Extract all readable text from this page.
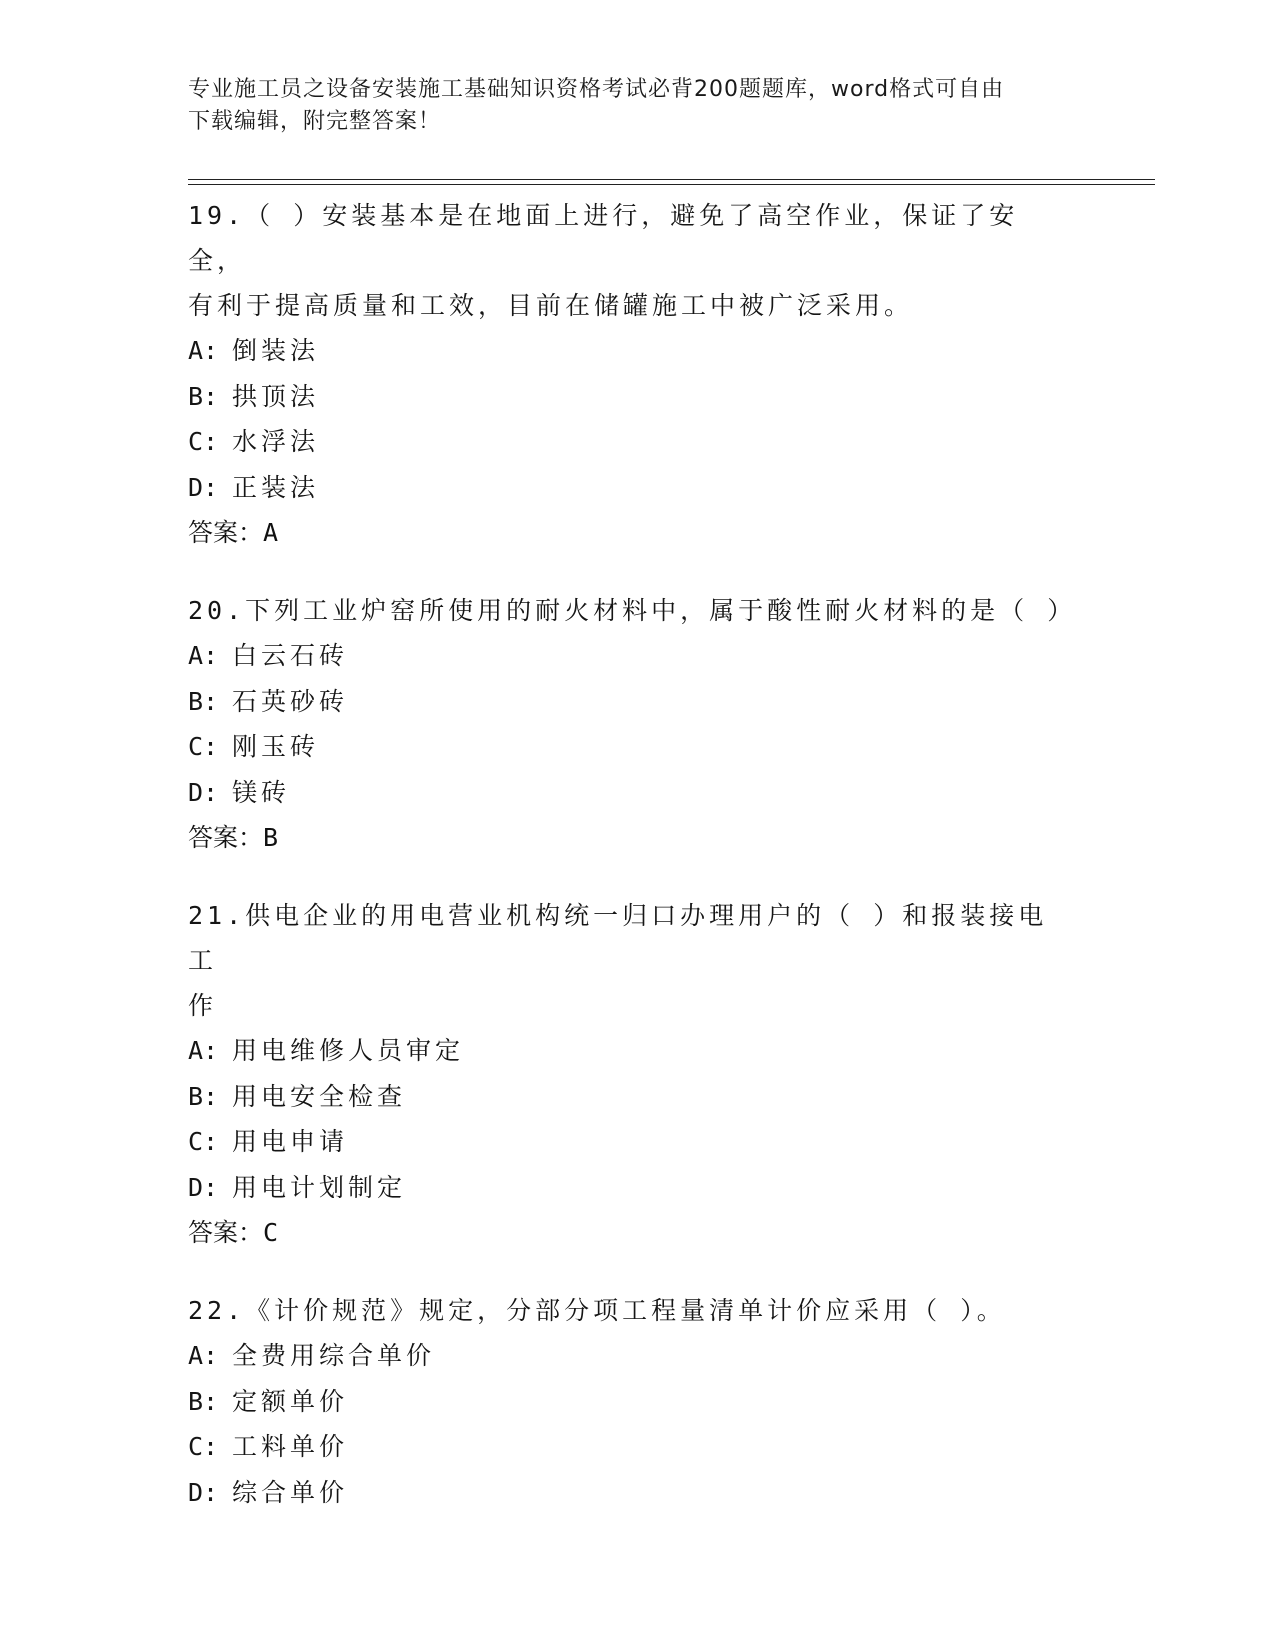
专业施工员之设备安装施工基础知识资格考试必背200题题库，word格式可自由
下载编辑，附完整答案！

19.（ ）安装基本是在地面上进行，避免了高空作业，保证了安全，

有利于提高质量和工效，目前在储罐施工中被广泛采用。

A: 倒装法

B: 拱顶法

C: 水浮法

D: 正装法

答案：A

20.下列工业炉窑所使用的耐火材料中，属于酸性耐火材料的是（ ）

A: 白云石砖

B: 石英砂砖

C: 刚玉砖

D: 镁砖

答案：B

21.供电企业的用电营业机构统一归口办理用户的（ ）和报装接电工

作

A: 用电维修人员审定

B: 用电安全检查

C: 用电申请

D: 用电计划制定

答案：C

22.《计价规范》规定，分部分项工程量清单计价应采用（ ）。

A: 全费用综合单价

B: 定额单价

C: 工料单价

D: 综合单价
